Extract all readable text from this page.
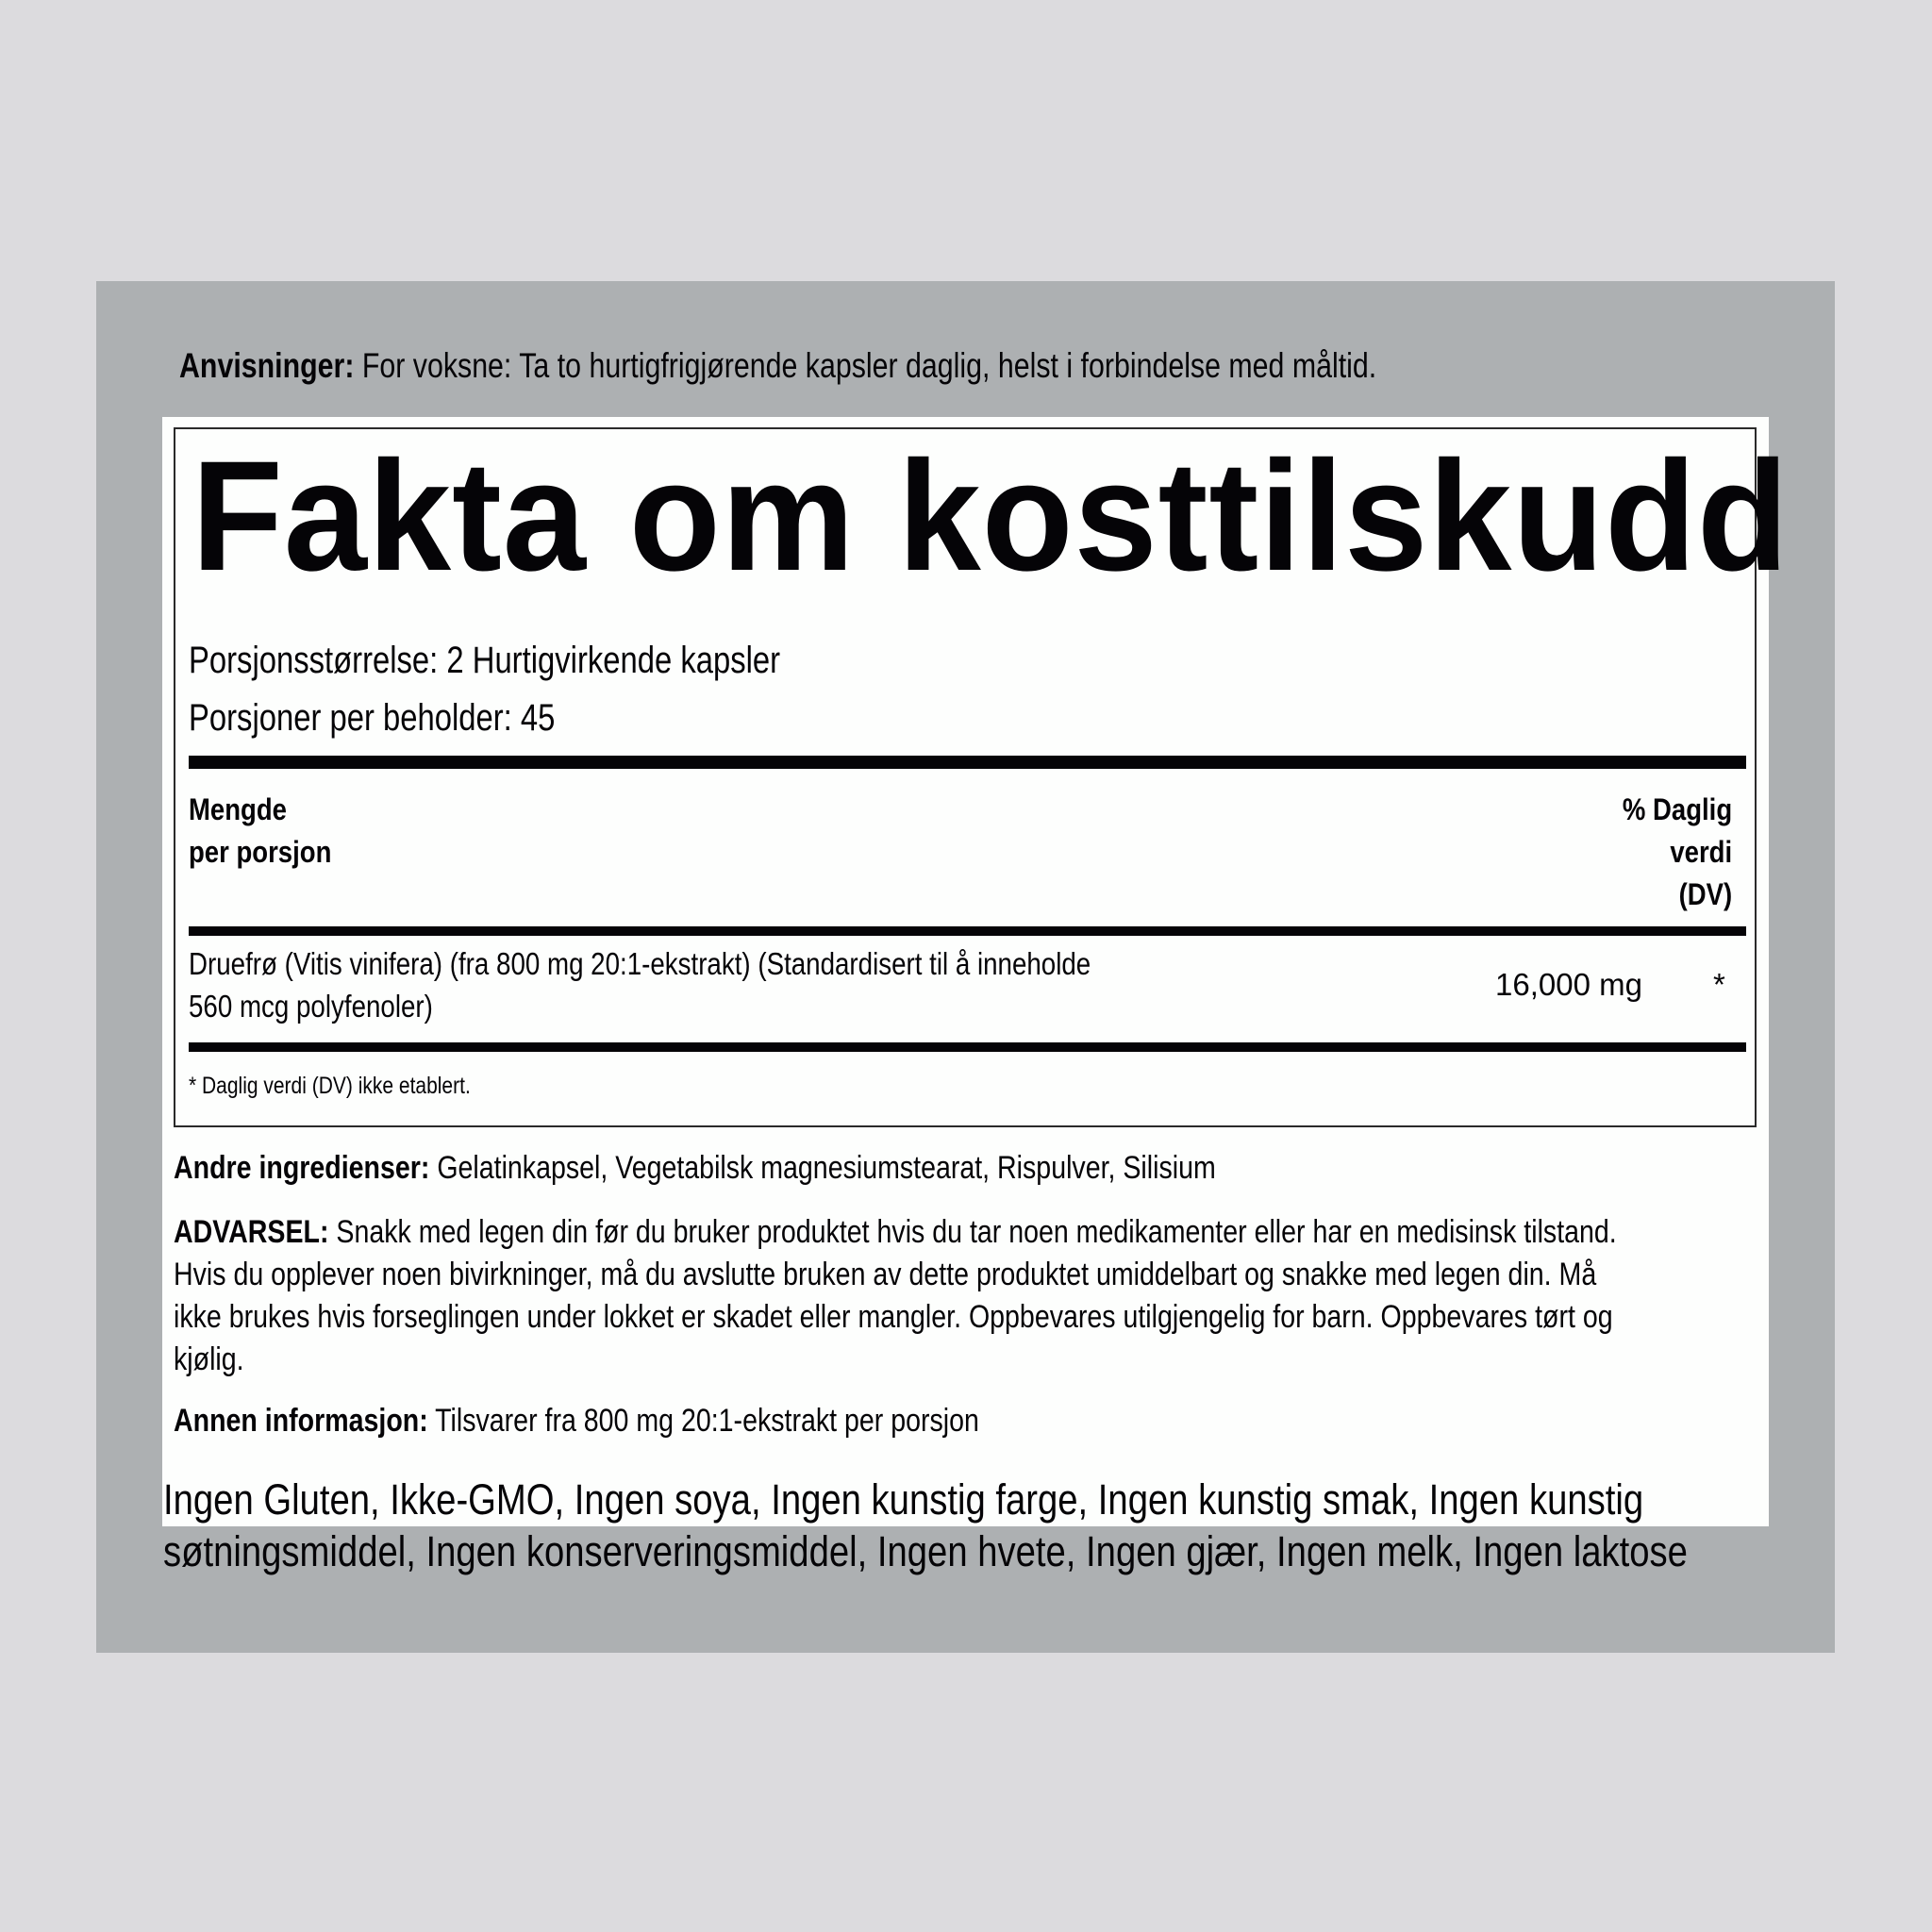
Anvisninger: For voksne: Ta to hurtigfrigjørende kapsler daglig, helst i forbindelse med måltid.
Fakta om kosttilskudd
Porsjonsstørrelse: 2 Hurtigvirkende kapsler
Porsjoner per beholder: 45
Mengde
per porsjon
% Daglig
verdi
(DV)
Druefrø (Vitis vinifera) (fra 800 mg 20:1-ekstrakt) (Standardisert til å inneholde
560 mcg polyfenoler)
16,000 mg *
* Daglig verdi (DV) ikke etablert.
Andre ingredienser: Gelatinkapsel, Vegetabilsk magnesiumstearat, Rispulver, Silisium
ADVARSEL: Snakk med legen din før du bruker produktet hvis du tar noen medikamenter eller har en medisinsk tilstand.
Hvis du opplever noen bivirkninger, må du avslutte bruken av dette produktet umiddelbart og snakke med legen din. Må
ikke brukes hvis forseglingen under lokket er skadet eller mangler. Oppbevares utilgjengelig for barn. Oppbevares tørt og
kjølig.
Annen informasjon: Tilsvarer fra 800 mg 20:1-ekstrakt per porsjon
Ingen Gluten, Ikke-GMO, Ingen soya, Ingen kunstig farge, Ingen kunstig smak, Ingen kunstig
søtningsmiddel, Ingen konserveringsmiddel, Ingen hvete, Ingen gjær, Ingen melk, Ingen laktose
